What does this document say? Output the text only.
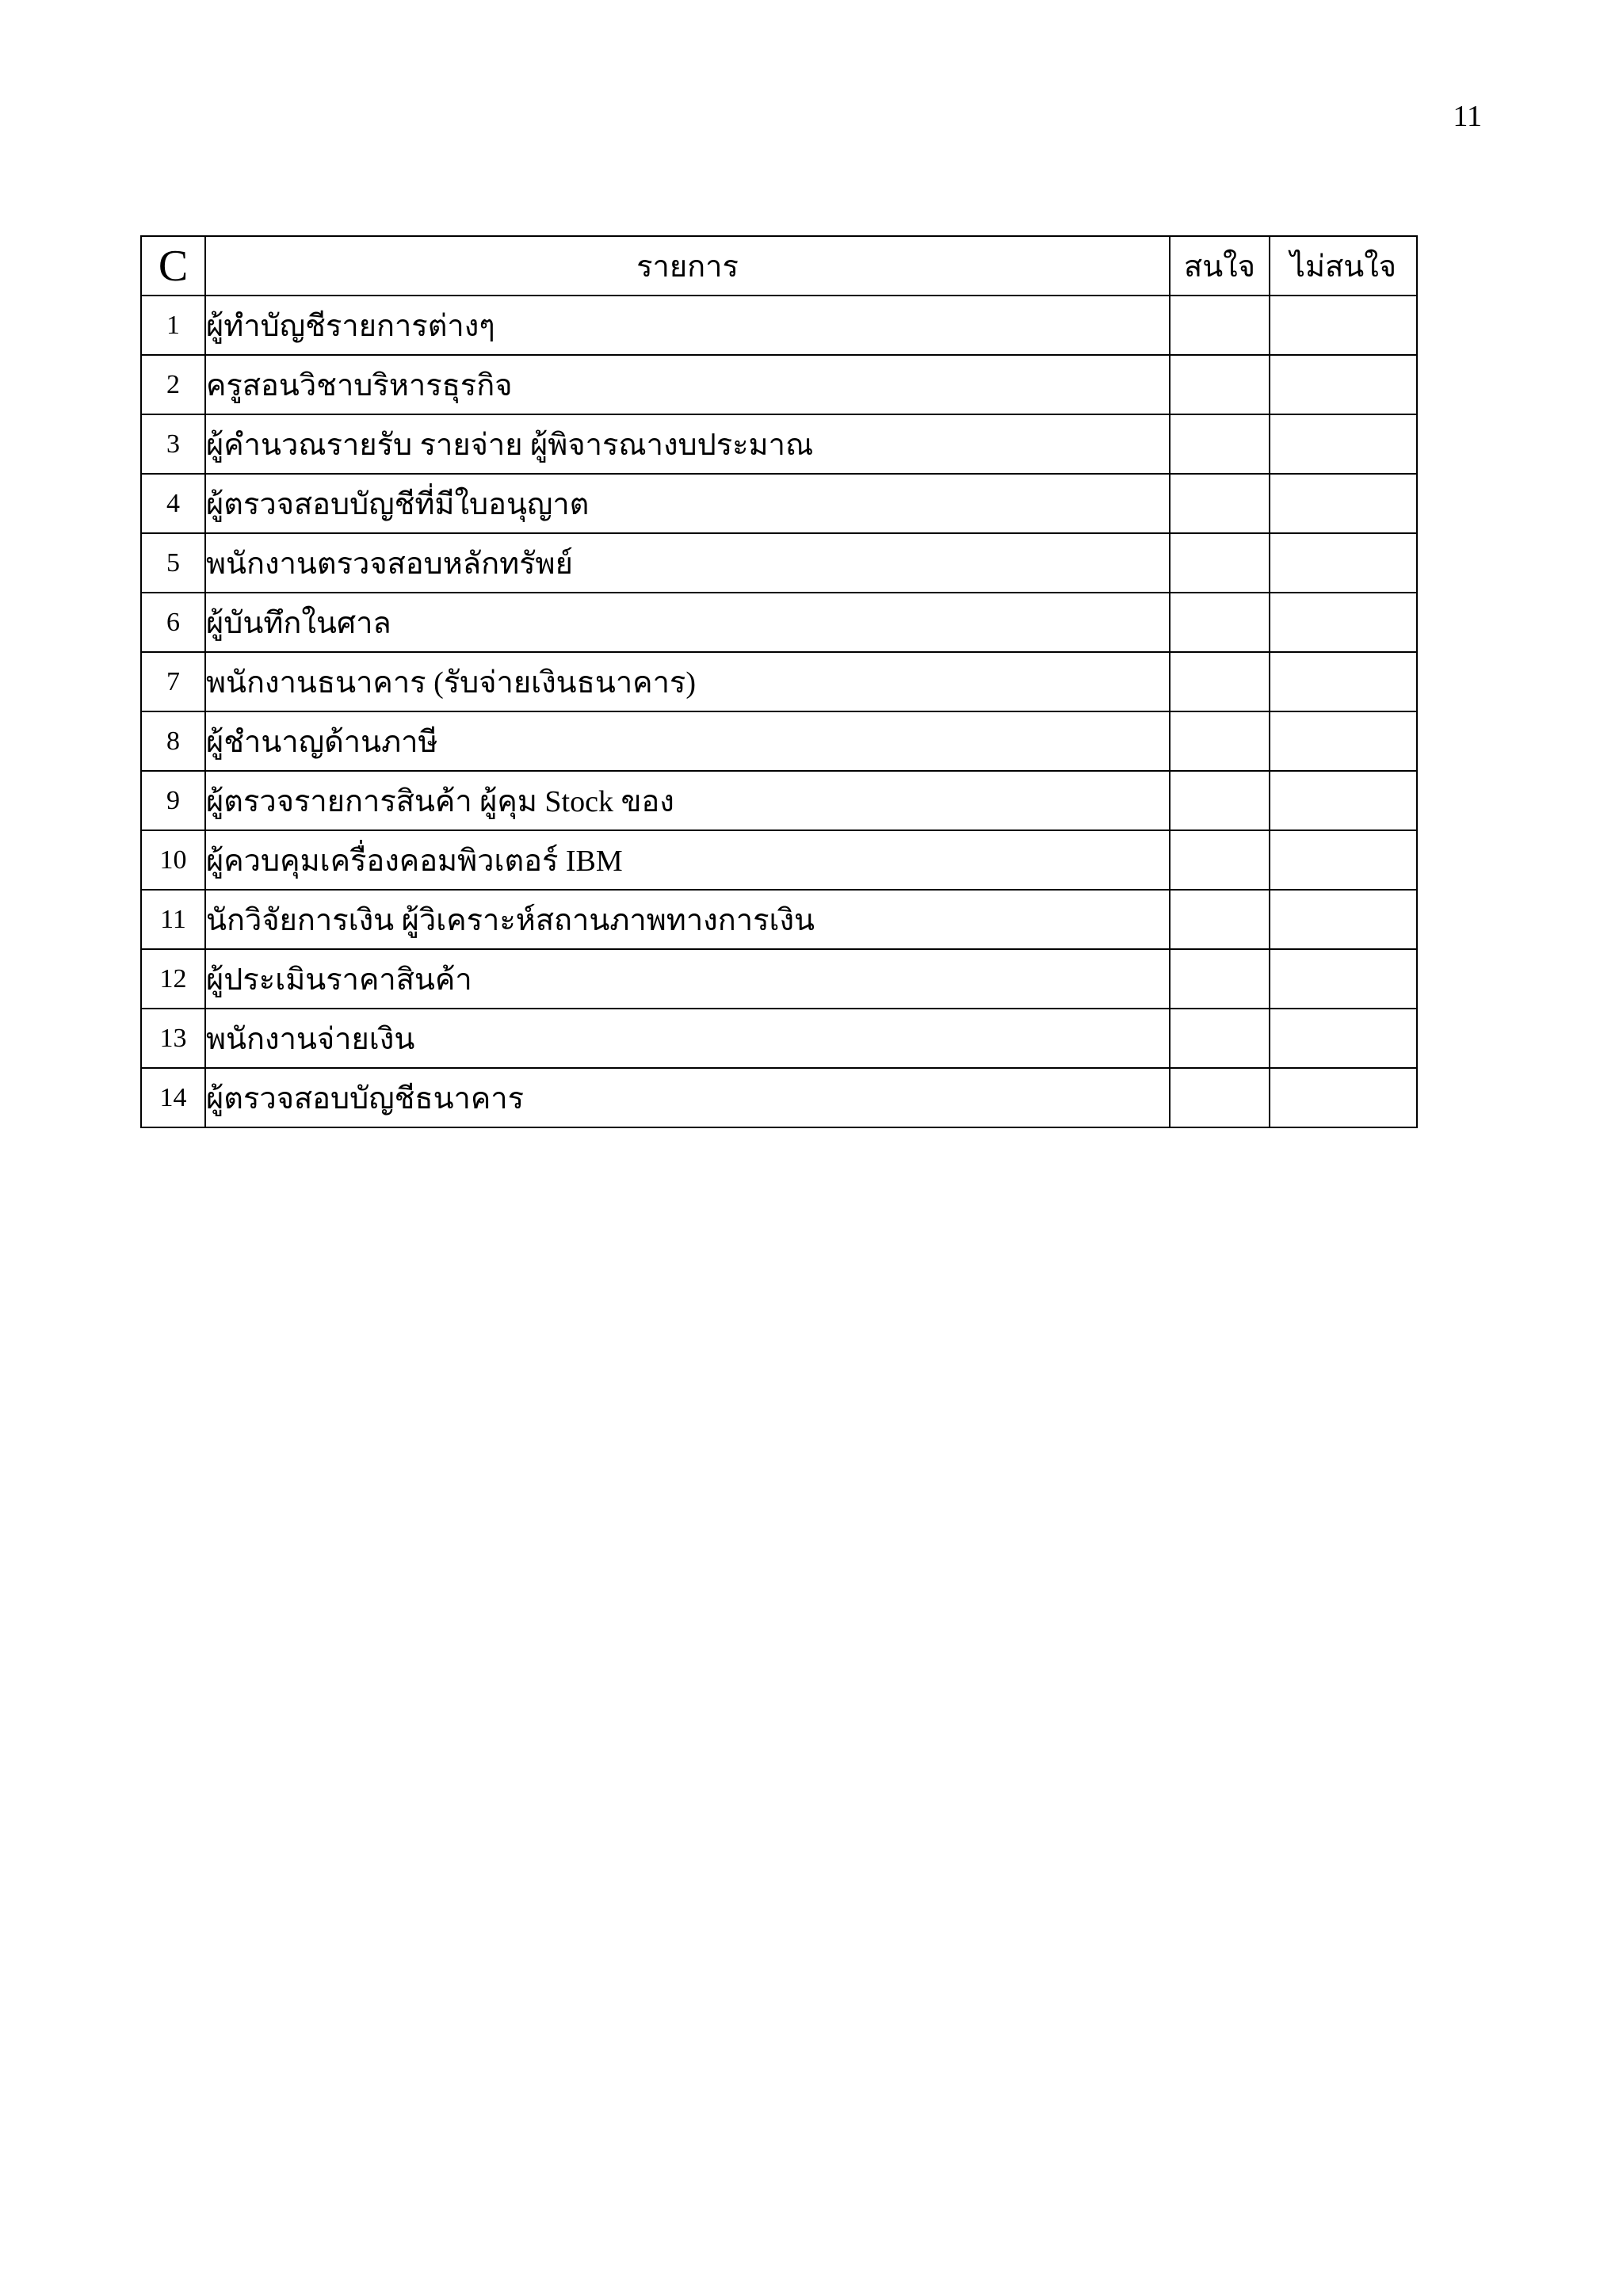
11
C	รายการ	สนใจ	ไม่สนใจ
1	ผู้ทำบัญชีรายการต่างๆ		
2	ครูสอนวิชาบริหารธุรกิจ		
3	ผู้คำนวณรายรับ รายจ่าย ผู้พิจารณางบประมาณ		
4	ผู้ตรวจสอบบัญชีที่มีใบอนุญาต		
5	พนักงานตรวจสอบหลักทรัพย์		
6	ผู้บันทึกในศาล		
7	พนักงานธนาคาร (รับจ่ายเงินธนาคาร)		
8	ผู้ชำนาญด้านภาษี		
9	ผู้ตรวจรายการสินค้า ผู้คุม Stock ของ		
10	ผู้ควบคุมเครื่องคอมพิวเตอร์ IBM		
11	นักวิจัยการเงิน ผู้วิเคราะห์สถานภาพทางการเงิน		
12	ผู้ประเมินราคาสินค้า		
13	พนักงานจ่ายเงิน		
14	ผู้ตรวจสอบบัญชีธนาคาร		
